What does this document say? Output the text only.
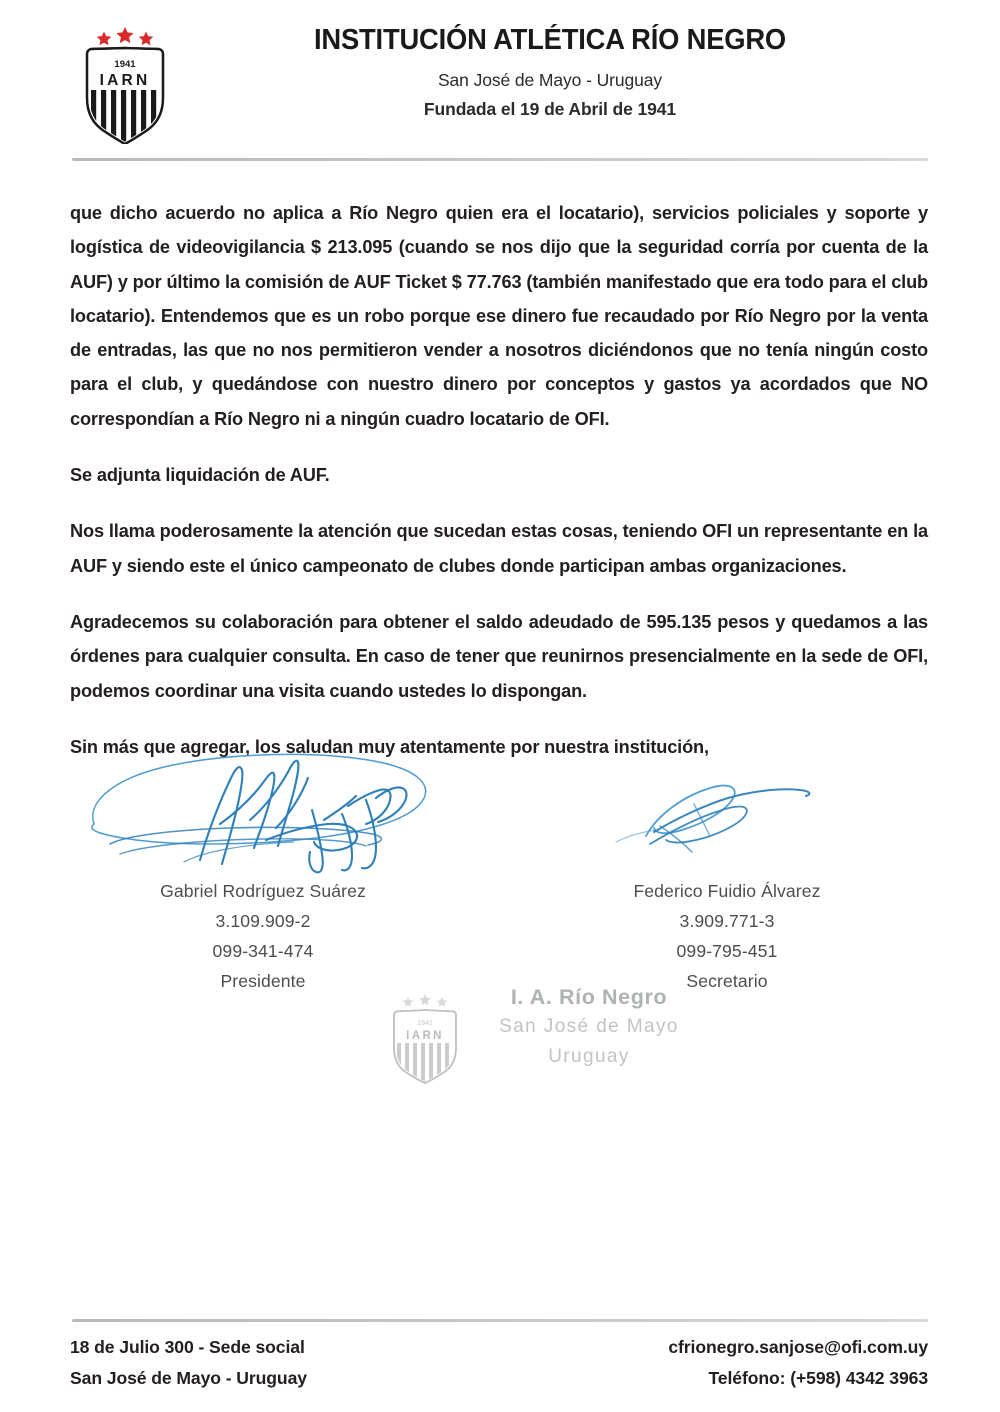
1941
IARN
INSTITUCIÓN ATLÉTICA RÍO NEGRO
San José de Mayo - Uruguay
Fundada el 19 de Abril de 1941

que dicho acuerdo no aplica a Río Negro quien era el locatario), servicios policiales y soporte y logística de videovigilancia $ 213.095 (cuando se nos dijo que la seguridad corría por cuenta de la AUF) y por último la comisión de AUF Ticket $ 77.763 (también manifestado que era todo para el club locatario). Entendemos que es un robo porque ese dinero fue recaudado por Río Negro por la venta de entradas, las que no nos permitieron vender a nosotros diciéndonos que no tenía ningún costo para el club, y quedándose con nuestro dinero por conceptos y gastos ya acordados que NO correspondían a Río Negro ni a ningún cuadro locatario de OFI.

Se adjunta liquidación de AUF.

Nos llama poderosamente la atención que sucedan estas cosas, teniendo OFI un representante en la AUF y siendo este el único campeonato de clubes donde participan ambas organizaciones.

Agradecemos su colaboración para obtener el saldo adeudado de 595.135 pesos y quedamos a las órdenes para cualquier consulta. En caso de tener que reunirnos presencialmente en la sede de OFI, podemos coordinar una visita cuando ustedes lo dispongan.

Sin más que agregar, los saludan muy atentamente por nuestra institución,

Gabriel Rodríguez Suárez
3.109.909-2
099-341-474
Presidente
Federico Fuidio Álvarez
3.909.771-3
099-795-451
Secretario
1941
IARN
I. A. Río Negro
San José de Mayo
Uruguay
18 de Julio 300 - Sede social
San José de Mayo - Uruguay
cfrionegro.sanjose@ofi.com.uy
Teléfono: (+598) 4342 3963
